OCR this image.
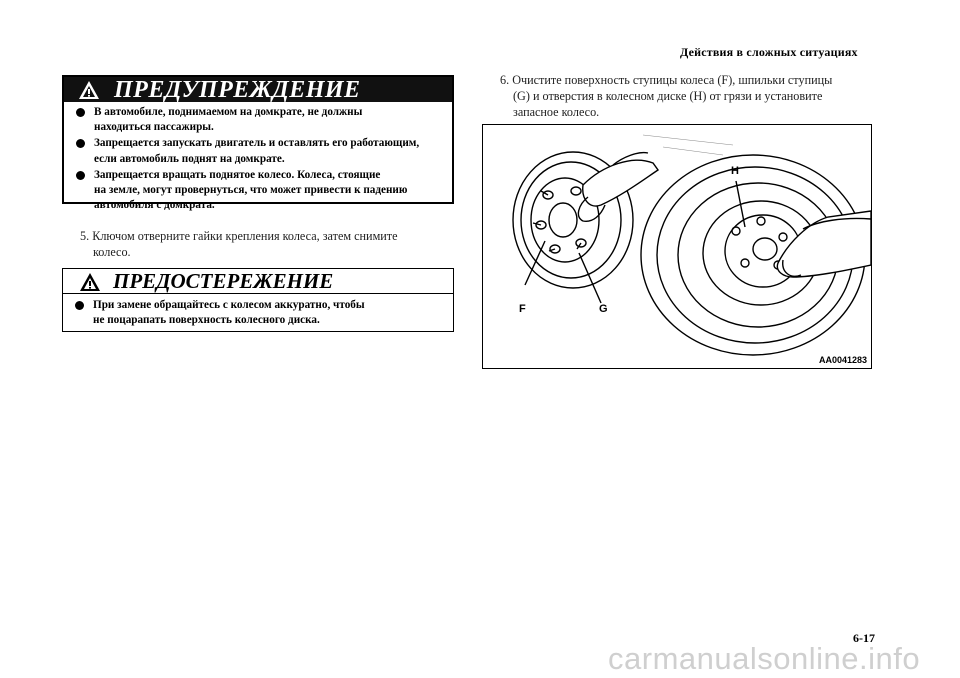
Действия в сложных ситуациях
ПРЕДУПРЕЖДЕНИЕ
В автомобиле, поднимаемом на домкрате, не должны
находиться пассажиры.
Запрещается запускать двигатель и оставлять его работающим,
если автомобиль поднят на домкрате.
Запрещается вращать поднятое колесо. Колеса, стоящие
на земле, могут провернуться, что может привести к падению
автомобиля с домкрата.
5. Ключом отверните гайки крепления колеса, затем снимите
колесо.
ПРЕДОСТЕРЕЖЕНИЕ
При замене обращайтесь с колесом аккуратно, чтобы
не поцарапать поверхность колесного диска.
6. Очистите поверхность ступицы колеса (F), шпильки ступицы
(G) и отверстия в колесном диске (H) от грязи и установите
запасное колесо.
F	G
H
AA0041283
6-17
carmanualsonline.info
